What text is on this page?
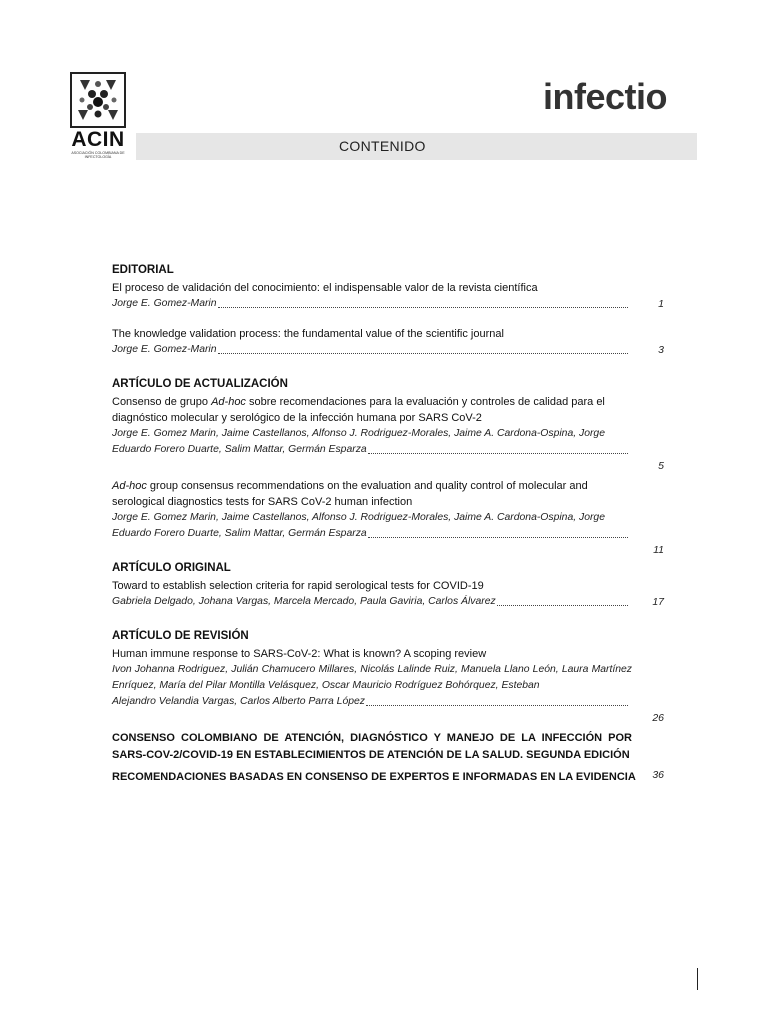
ACIN
ASOCIACIÓN COLOMBIANA DE INFECTOLOGÍA
infectio
CONTENIDO
EDITORIAL
El proceso de validación del conocimiento: el indispensable valor de la revista científica
Jorge E. Gomez-Marin	1
The knowledge validation process: the fundamental value of the scientific journal
Jorge E. Gomez-Marin	3
ARTÍCULO DE ACTUALIZACIÓN
Consenso de grupo Ad-hoc sobre recomendaciones para la evaluación y controles de calidad para el diagnóstico molecular y serológico de la infección humana por SARS CoV-2
Jorge E. Gomez Marin, Jaime Castellanos, Alfonso J. Rodriguez-Morales, Jaime A. Cardona-Ospina, Jorge
Eduardo Forero Duarte, Salim Mattar, Germán Esparza
5
Ad-hoc group consensus recommendations on the evaluation and quality control of molecular and serological diagnostics tests for SARS CoV-2 human infection
Jorge E. Gomez Marin, Jaime Castellanos, Alfonso J. Rodriguez-Morales, Jaime A. Cardona-Ospina, Jorge
Eduardo Forero Duarte, Salim Mattar, Germán Esparza
11
ARTÍCULO ORIGINAL
Toward to establish selection criteria for rapid serological tests for COVID-19
Gabriela Delgado, Johana Vargas, Marcela Mercado, Paula Gaviria, Carlos Álvarez	17
ARTÍCULO DE REVISIÓN
Human immune response to SARS-CoV-2: What is known? A scoping review
Ivon Johanna Rodriguez, Julián Chamucero Millares, Nicolás Lalinde Ruiz, Manuela Llano León, Laura Martínez Enríquez, María del Pilar Montilla Velásquez, Oscar Mauricio Rodríguez Bohórquez, Esteban
Alejandro Velandia Vargas, Carlos Alberto Parra López
26
CONSENSO COLOMBIANO DE ATENCIÓN, DIAGNÓSTICO Y MANEJO DE LA INFECCIÓN POR SARS-COV-2/COVID-19 EN ESTABLECIMIENTOS DE ATENCIÓN DE LA SALUD. SEGUNDA EDICIÓN
RECOMENDACIONES BASADAS EN CONSENSO DE EXPERTOS E INFORMADAS EN LA EVIDENCIA 36
